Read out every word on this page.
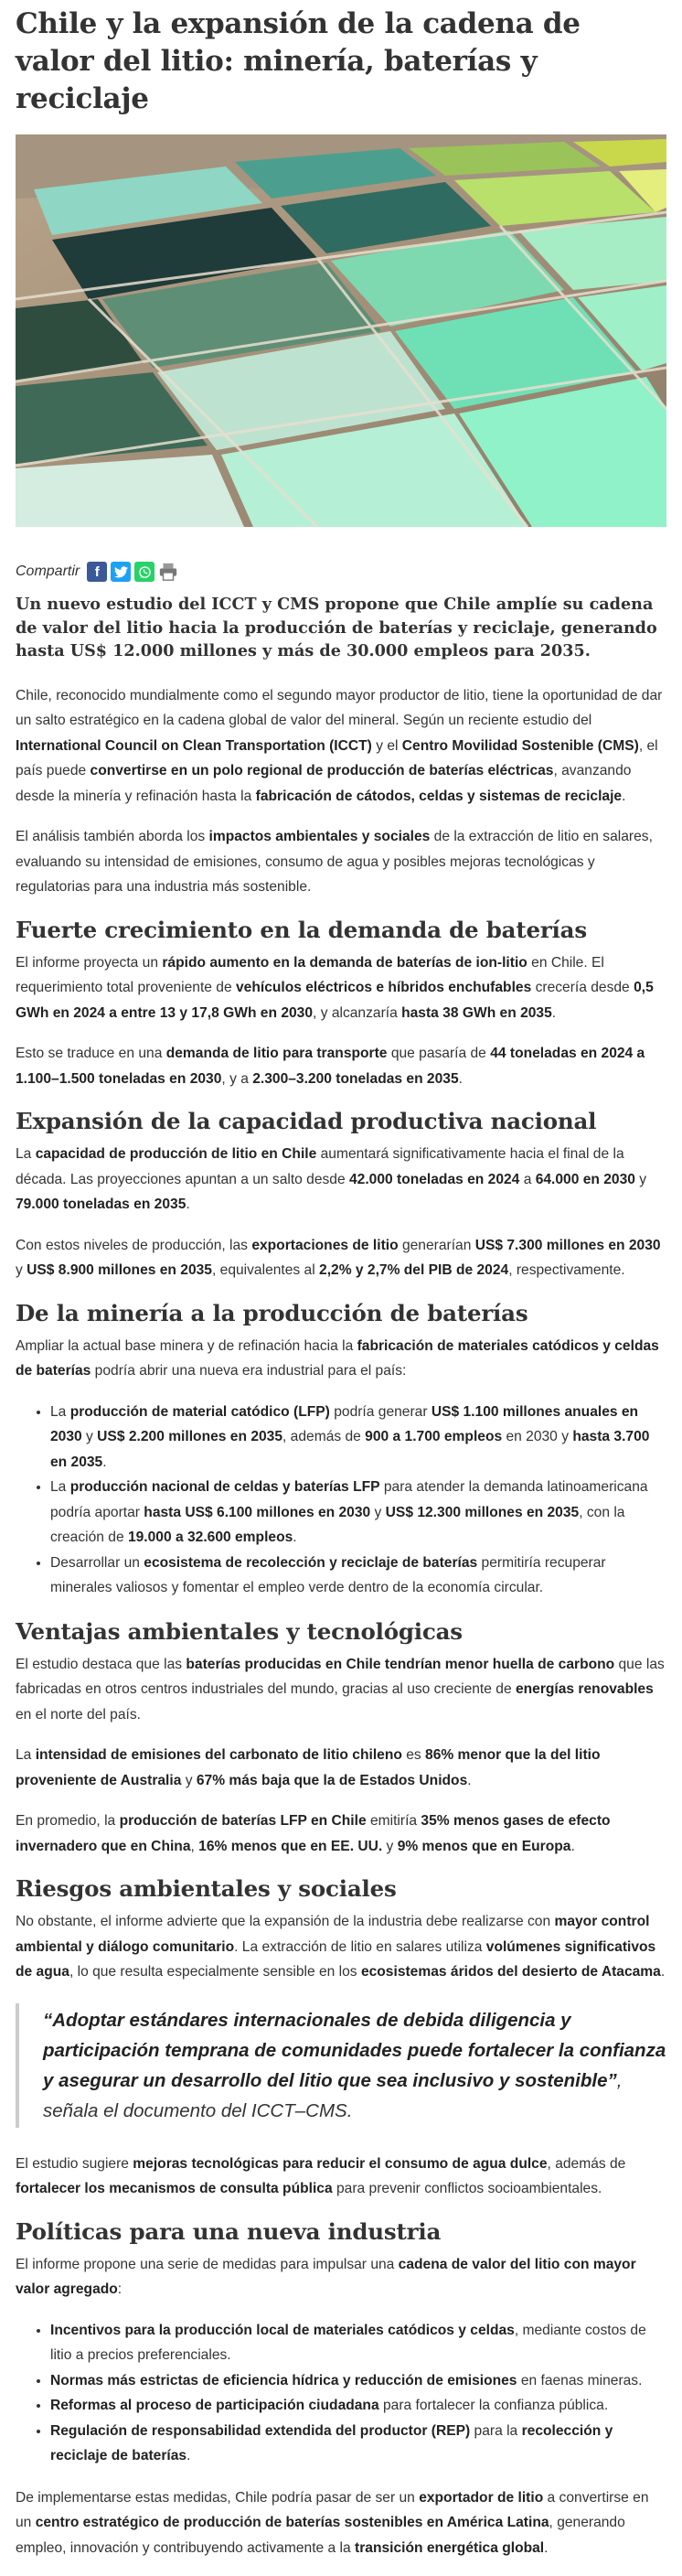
Chile y la expansión de la cadena de valor del litio: minería, baterías y reciclaje
Compartir	f

Un nuevo estudio del ICCT y CMS propone que Chile amplíe su cadena de valor del litio hacia la producción de baterías y reciclaje, generando hasta US$ 12.000 millones y más de 30.000 empleos para 2035.

Chile, reconocido mundialmente como el segundo mayor productor de litio, tiene la oportunidad de dar un salto estratégico en la cadena global de valor del mineral. Según un reciente estudio del International Council on Clean Transportation (ICCT) y el Centro Movilidad Sostenible (CMS), el país puede convertirse en un polo regional de producción de baterías eléctricas, avanzando desde la minería y refinación hasta la fabricación de cátodos, celdas y sistemas de reciclaje.

El análisis también aborda los impactos ambientales y sociales de la extracción de litio en salares, evaluando su intensidad de emisiones, consumo de agua y posibles mejoras tecnológicas y regulatorias para una industria más sostenible.

Fuerte crecimiento en la demanda de baterías

El informe proyecta un rápido aumento en la demanda de baterías de ion-litio en Chile. El requerimiento total proveniente de vehículos eléctricos e híbridos enchufables crecería desde 0,5 GWh en 2024 a entre 13 y 17,8 GWh en 2030, y alcanzaría hasta 38 GWh en 2035.

Esto se traduce en una demanda de litio para transporte que pasaría de 44 toneladas en 2024 a 1.100–1.500 toneladas en 2030, y a 2.300–3.200 toneladas en 2035.

Expansión de la capacidad productiva nacional

La capacidad de producción de litio en Chile aumentará significativamente hacia el final de la década. Las proyecciones apuntan a un salto desde 42.000 toneladas en 2024 a 64.000 en 2030 y 79.000 toneladas en 2035.

Con estos niveles de producción, las exportaciones de litio generarían US$ 7.300 millones en 2030 y US$ 8.900 millones en 2035, equivalentes al 2,2% y 2,7% del PIB de 2024, respectivamente.

De la minería a la producción de baterías

Ampliar la actual base minera y de refinación hacia la fabricación de materiales catódicos y celdas de baterías podría abrir una nueva era industrial para el país:

• La producción de material catódico (LFP) podría generar US$ 1.100 millones anuales en 2030 y US$ 2.200 millones en 2035, además de 900 a 1.700 empleos en 2030 y hasta 3.700 en 2035.
• La producción nacional de celdas y baterías LFP para atender la demanda latinoamericana podría aportar hasta US$ 6.100 millones en 2030 y US$ 12.300 millones en 2035, con la creación de 19.000 a 32.600 empleos.
• Desarrollar un ecosistema de recolección y reciclaje de baterías permitiría recuperar minerales valiosos y fomentar el empleo verde dentro de la economía circular.
Ventajas ambientales y tecnológicas

El estudio destaca que las baterías producidas en Chile tendrían menor huella de carbono que las fabricadas en otros centros industriales del mundo, gracias al uso creciente de energías renovables en el norte del país.

La intensidad de emisiones del carbonato de litio chileno es 86% menor que la del litio proveniente de Australia y 67% más baja que la de Estados Unidos.

En promedio, la producción de baterías LFP en Chile emitiría 35% menos gases de efecto invernadero que en China, 16% menos que en EE. UU. y 9% menos que en Europa.

Riesgos ambientales y sociales

No obstante, el informe advierte que la expansión de la industria debe realizarse con mayor control ambiental y diálogo comunitario. La extracción de litio en salares utiliza volúmenes significativos de agua, lo que resulta especialmente sensible en los ecosistemas áridos del desierto de Atacama.

“Adoptar estándares internacionales de debida diligencia y participación temprana de comunidades puede fortalecer la confianza y asegurar un desarrollo del litio que sea inclusivo y sostenible”, señala el documento del ICCT–CMS.

El estudio sugiere mejoras tecnológicas para reducir el consumo de agua dulce, además de fortalecer los mecanismos de consulta pública para prevenir conflictos socioambientales.

Políticas para una nueva industria

El informe propone una serie de medidas para impulsar una cadena de valor del litio con mayor valor agregado:

• Incentivos para la producción local de materiales catódicos y celdas, mediante costos de litio a precios preferenciales.
• Normas más estrictas de eficiencia hídrica y reducción de emisiones en faenas mineras.
• Reformas al proceso de participación ciudadana para fortalecer la confianza pública.
• Regulación de responsabilidad extendida del productor (REP) para la recolección y reciclaje de baterías.

De implementarse estas medidas, Chile podría pasar de ser un exportador de litio a convertirse en un centro estratégico de producción de baterías sostenibles en América Latina, generando empleo, innovación y contribuyendo activamente a la transición energética global.
